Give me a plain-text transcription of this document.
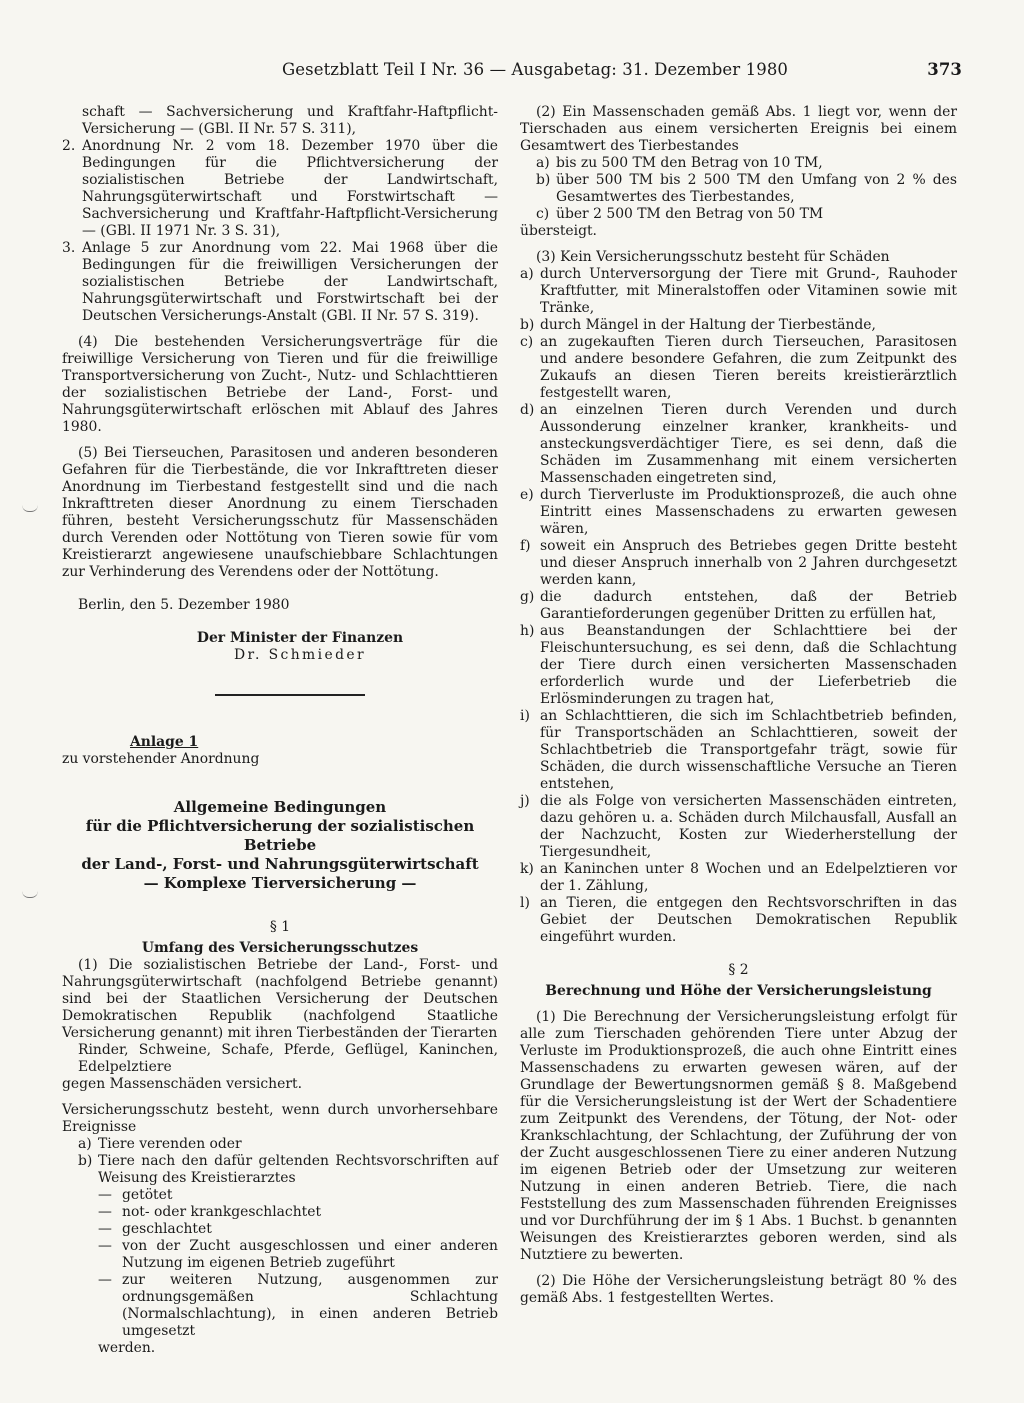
Gesetzblatt Teil I Nr. 36 — Ausgabetag: 31. Dezember 1980	373

schaft — Sachversicherung und Kraftfahr-Haftpflicht-Versicherung — (GBl. II Nr. 57 S. 311),

2. Anordnung Nr. 2 vom 18. Dezember 1970 über die Bedingungen für die Pflichtversicherung der sozialistischen Betriebe der Landwirtschaft, Nahrungsgüterwirtschaft und Forstwirtschaft — Sachversicherung und Kraftfahr-Haftpflicht-Versicherung — (GBl. II 1971 Nr. 3 S. 31),
3. Anlage 5 zur Anordnung vom 22. Mai 1968 über die Bedingungen für die freiwilligen Versicherungen der sozialistischen Betriebe der Landwirtschaft, Nahrungsgüterwirtschaft und Forstwirtschaft bei der Deutschen Versicherungs-Anstalt (GBl. II Nr. 57 S. 319).

(4) Die bestehenden Versicherungsverträge für die freiwillige Versicherung von Tieren und für die freiwillige Transportversicherung von Zucht-, Nutz- und Schlachttieren der sozialistischen Betriebe der Land-, Forst- und Nahrungsgüterwirtschaft erlöschen mit Ablauf des Jahres 1980.

(5) Bei Tierseuchen, Parasitosen und anderen besonderen Gefahren für die Tierbestände, die vor Inkrafttreten dieser Anordnung im Tierbestand festgestellt sind und die nach Inkrafttreten dieser Anordnung zu einem Tierschaden führen, besteht Versicherungsschutz für Massenschäden durch Verenden oder Nottötung von Tieren sowie für vom Kreistierarzt angewiesene unaufschiebbare Schlachtungen zur Verhinderung des Verendens oder der Nottötung.

Berlin, den 5. Dezember 1980

Der Minister der Finanzen

Dr. Schmieder

Anlage 1

zu vorstehender Anordnung

Allgemeine Bedingungen
für die Pflichtversicherung der sozialistischen Betriebe
der Land-, Forst- und Nahrungsgüterwirtschaft
— Komplexe Tierversicherung —

§ 1

Umfang des Versicherungsschutzes

(1) Die sozialistischen Betriebe der Land-, Forst- und Nahrungsgüterwirtschaft (nachfolgend Betriebe genannt) sind bei der Staatlichen Versicherung der Deutschen Demokratischen Republik (nachfolgend Staatliche Versicherung genannt) mit ihren Tierbeständen der Tierarten

Rinder, Schweine, Schafe, Pferde, Geflügel, Kaninchen, Edelpelztiere

gegen Massenschäden versichert.

Versicherungsschutz besteht, wenn durch unvorhersehbare Ereignisse

a) Tiere verenden oder
b) Tiere nach den dafür geltenden Rechtsvorschriften auf Weisung des Kreistierarztes
— getötet
— not- oder krankgeschlachtet
— geschlachtet
— von der Zucht ausgeschlossen und einer anderen Nutzung im eigenen Betrieb zugeführt
— zur weiteren Nutzung, ausgenommen zur ordnungsgemäßen Schlachtung (Normalschlachtung), in einen anderen Betrieb umgesetzt

werden.

(2) Ein Massenschaden gemäß Abs. 1 liegt vor, wenn der Tierschaden aus einem versicherten Ereignis bei einem Gesamtwert des Tierbestandes

a) bis zu 500 TM den Betrag von 10 TM,
b) über 500 TM bis 2 500 TM den Umfang von 2 % des Gesamtwertes des Tierbestandes,
c) über 2 500 TM den Betrag von 50 TM

übersteigt.

(3) Kein Versicherungsschutz besteht für Schäden

a) durch Unterversorgung der Tiere mit Grund-, Rauhoder Kraftfutter, mit Mineralstoffen oder Vitaminen sowie mit Tränke,
b) durch Mängel in der Haltung der Tierbestände,
c) an zugekauften Tieren durch Tierseuchen, Parasitosen und andere besondere Gefahren, die zum Zeitpunkt des Zukaufs an diesen Tieren bereits kreistierärztlich festgestellt waren,
d) an einzelnen Tieren durch Verenden und durch Aussonderung einzelner kranker, krankheits- und ansteckungsverdächtiger Tiere, es sei denn, daß die Schäden im Zusammenhang mit einem versicherten Massenschaden eingetreten sind,
e) durch Tierverluste im Produktionsprozeß, die auch ohne Eintritt eines Massenschadens zu erwarten gewesen wären,
f) soweit ein Anspruch des Betriebes gegen Dritte besteht und dieser Anspruch innerhalb von 2 Jahren durchgesetzt werden kann,
g) die dadurch entstehen, daß der Betrieb Garantieforderungen gegenüber Dritten zu erfüllen hat,
h) aus Beanstandungen der Schlachttiere bei der Fleischuntersuchung, es sei denn, daß die Schlachtung der Tiere durch einen versicherten Massenschaden erforderlich wurde und der Lieferbetrieb die Erlösminderungen zu tragen hat,
i) an Schlachttieren, die sich im Schlachtbetrieb befinden, für Transportschäden an Schlachttieren, soweit der Schlachtbetrieb die Transportgefahr trägt, sowie für Schäden, die durch wissenschaftliche Versuche an Tieren entstehen,
j) die als Folge von versicherten Massenschäden eintreten, dazu gehören u. a. Schäden durch Milchausfall, Ausfall an der Nachzucht, Kosten zur Wiederherstellung der Tiergesundheit,
k) an Kaninchen unter 8 Wochen und an Edelpelztieren vor der 1. Zählung,
l) an Tieren, die entgegen den Rechtsvorschriften in das Gebiet der Deutschen Demokratischen Republik eingeführt wurden.

§ 2

Berechnung und Höhe der Versicherungsleistung

(1) Die Berechnung der Versicherungsleistung erfolgt für alle zum Tierschaden gehörenden Tiere unter Abzug der Verluste im Produktionsprozeß, die auch ohne Eintritt eines Massenschadens zu erwarten gewesen wären, auf der Grundlage der Bewertungsnormen gemäß § 8. Maßgebend für die Versicherungsleistung ist der Wert der Schadentiere zum Zeitpunkt des Verendens, der Tötung, der Not- oder Krankschlachtung, der Schlachtung, der Zuführung der von der Zucht ausgeschlossenen Tiere zu einer anderen Nutzung im eigenen Betrieb oder der Umsetzung zur weiteren Nutzung in einen anderen Betrieb. Tiere, die nach Feststellung des zum Massenschaden führenden Ereignisses und vor Durchführung der im § 1 Abs. 1 Buchst. b genannten Weisungen des Kreistierarztes geboren werden, sind als Nutztiere zu bewerten.

(2) Die Höhe der Versicherungsleistung beträgt 80 % des gemäß Abs. 1 festgestellten Wertes.
